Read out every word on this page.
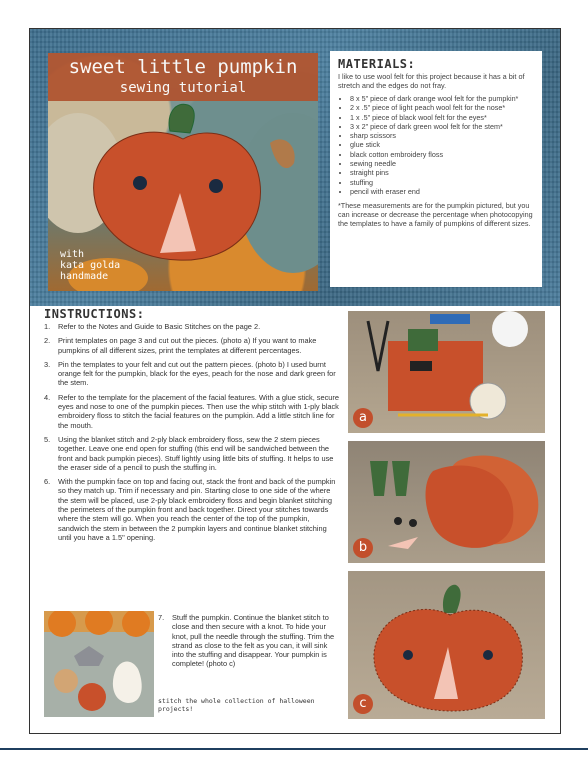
sweet little pumpkin
sewing tutorial
with
kata golda
handmade
MATERIALS:
I like to use wool felt for this project because it has a bit of stretch and the edges do not fray.
• 8 x 5" piece of dark orange wool felt for the pumpkin*
• 2 x .5" piece of light peach wool felt for the nose*
• 1 x .5" piece of black wool felt for the eyes*
• 3 x 2" piece of dark green wool felt for the stem*
• sharp scissors
• glue stick
• black cotton embroidery floss
• sewing needle
• straight pins
• stuffing
• pencil with eraser end
*These measurements are for the pumpkin pictured, but you can increase or decrease the percentage when photocopying the templates to have a family of pumpkins of different sizes.
INSTRUCTIONS:
1. Refer to the Notes and Guide to Basic Stitches on the page 2.
2. Print templates on page 3 and cut out the pieces. (photo a) If you want to make pumpkins of all different sizes, print the templates at different percentages.
3. Pin the templates to your felt and cut out the pattern pieces. (photo b) I used burnt orange felt for the pumpkin, black for the eyes, peach for the nose and dark green for the stem.
4. Refer to the template for the placement of the facial features. With a glue stick, secure eyes and nose to one of the pumpkin pieces. Then use the whip stitch with 1-ply black embroidery floss to stitch the facial features on the pumpkin. Add a little stitch line for the mouth.
5. Using the blanket stitch and 2-ply black embroidery floss, sew the 2 stem pieces together. Leave one end open for stuffing (this end will be sandwiched between the front and back pumpkin pieces). Stuff lightly using little bits of stuffing. It helps to use the eraser side of a pencil to push the stuffing in.
6. With the pumpkin face on top and facing out, stack the front and back of the pumpkin so they match up. Trim if necessary and pin. Starting close to one side of the where the stem will be placed, use 2-ply black embroidery floss and begin blanket stitching the perimeters of the pumpkin front and back together. Direct your stitches towards where the stem will go. When you reach the center of the top of the pumpkin, sandwich the stem in between the 2 pumpkin layers and continue blanket stitching until you have a 1.5" opening.
7.	Stuff the pumpkin. Continue the blanket stitch to close and then secure with a knot. To hide your knot, pull the needle through the stuffing. Trim the strand as close to the felt as you can, it will sink into the stuffing and disappear. Your pumpkin is complete! (photo c)
stitch the whole collection of halloween projects!
a
b
c
